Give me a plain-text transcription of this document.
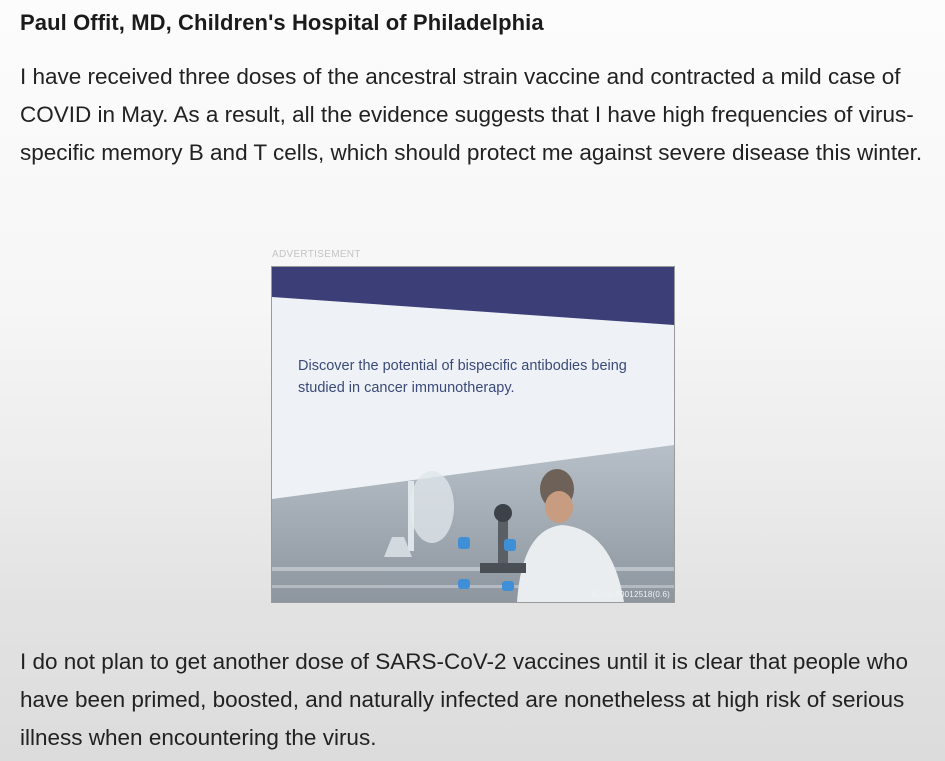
Paul Offit, MD, Children's Hospital of Philadelphia

I have received three doses of the ancestral strain vaccine and contracted a mild case of COVID in May. As a result, all the evidence suggests that I have high frequencies of virus-specific memory B and T cells, which should protect me against severe disease this winter.

ADVERTISEMENT
Discover the potential of bispecific antibodies being studied in cancer immunotherapy.
M-US-00012518(0.6)

I do not plan to get another dose of SARS-CoV-2 vaccines until it is clear that people who have been primed, boosted, and naturally infected are nonetheless at high risk of serious illness when encountering the virus.
